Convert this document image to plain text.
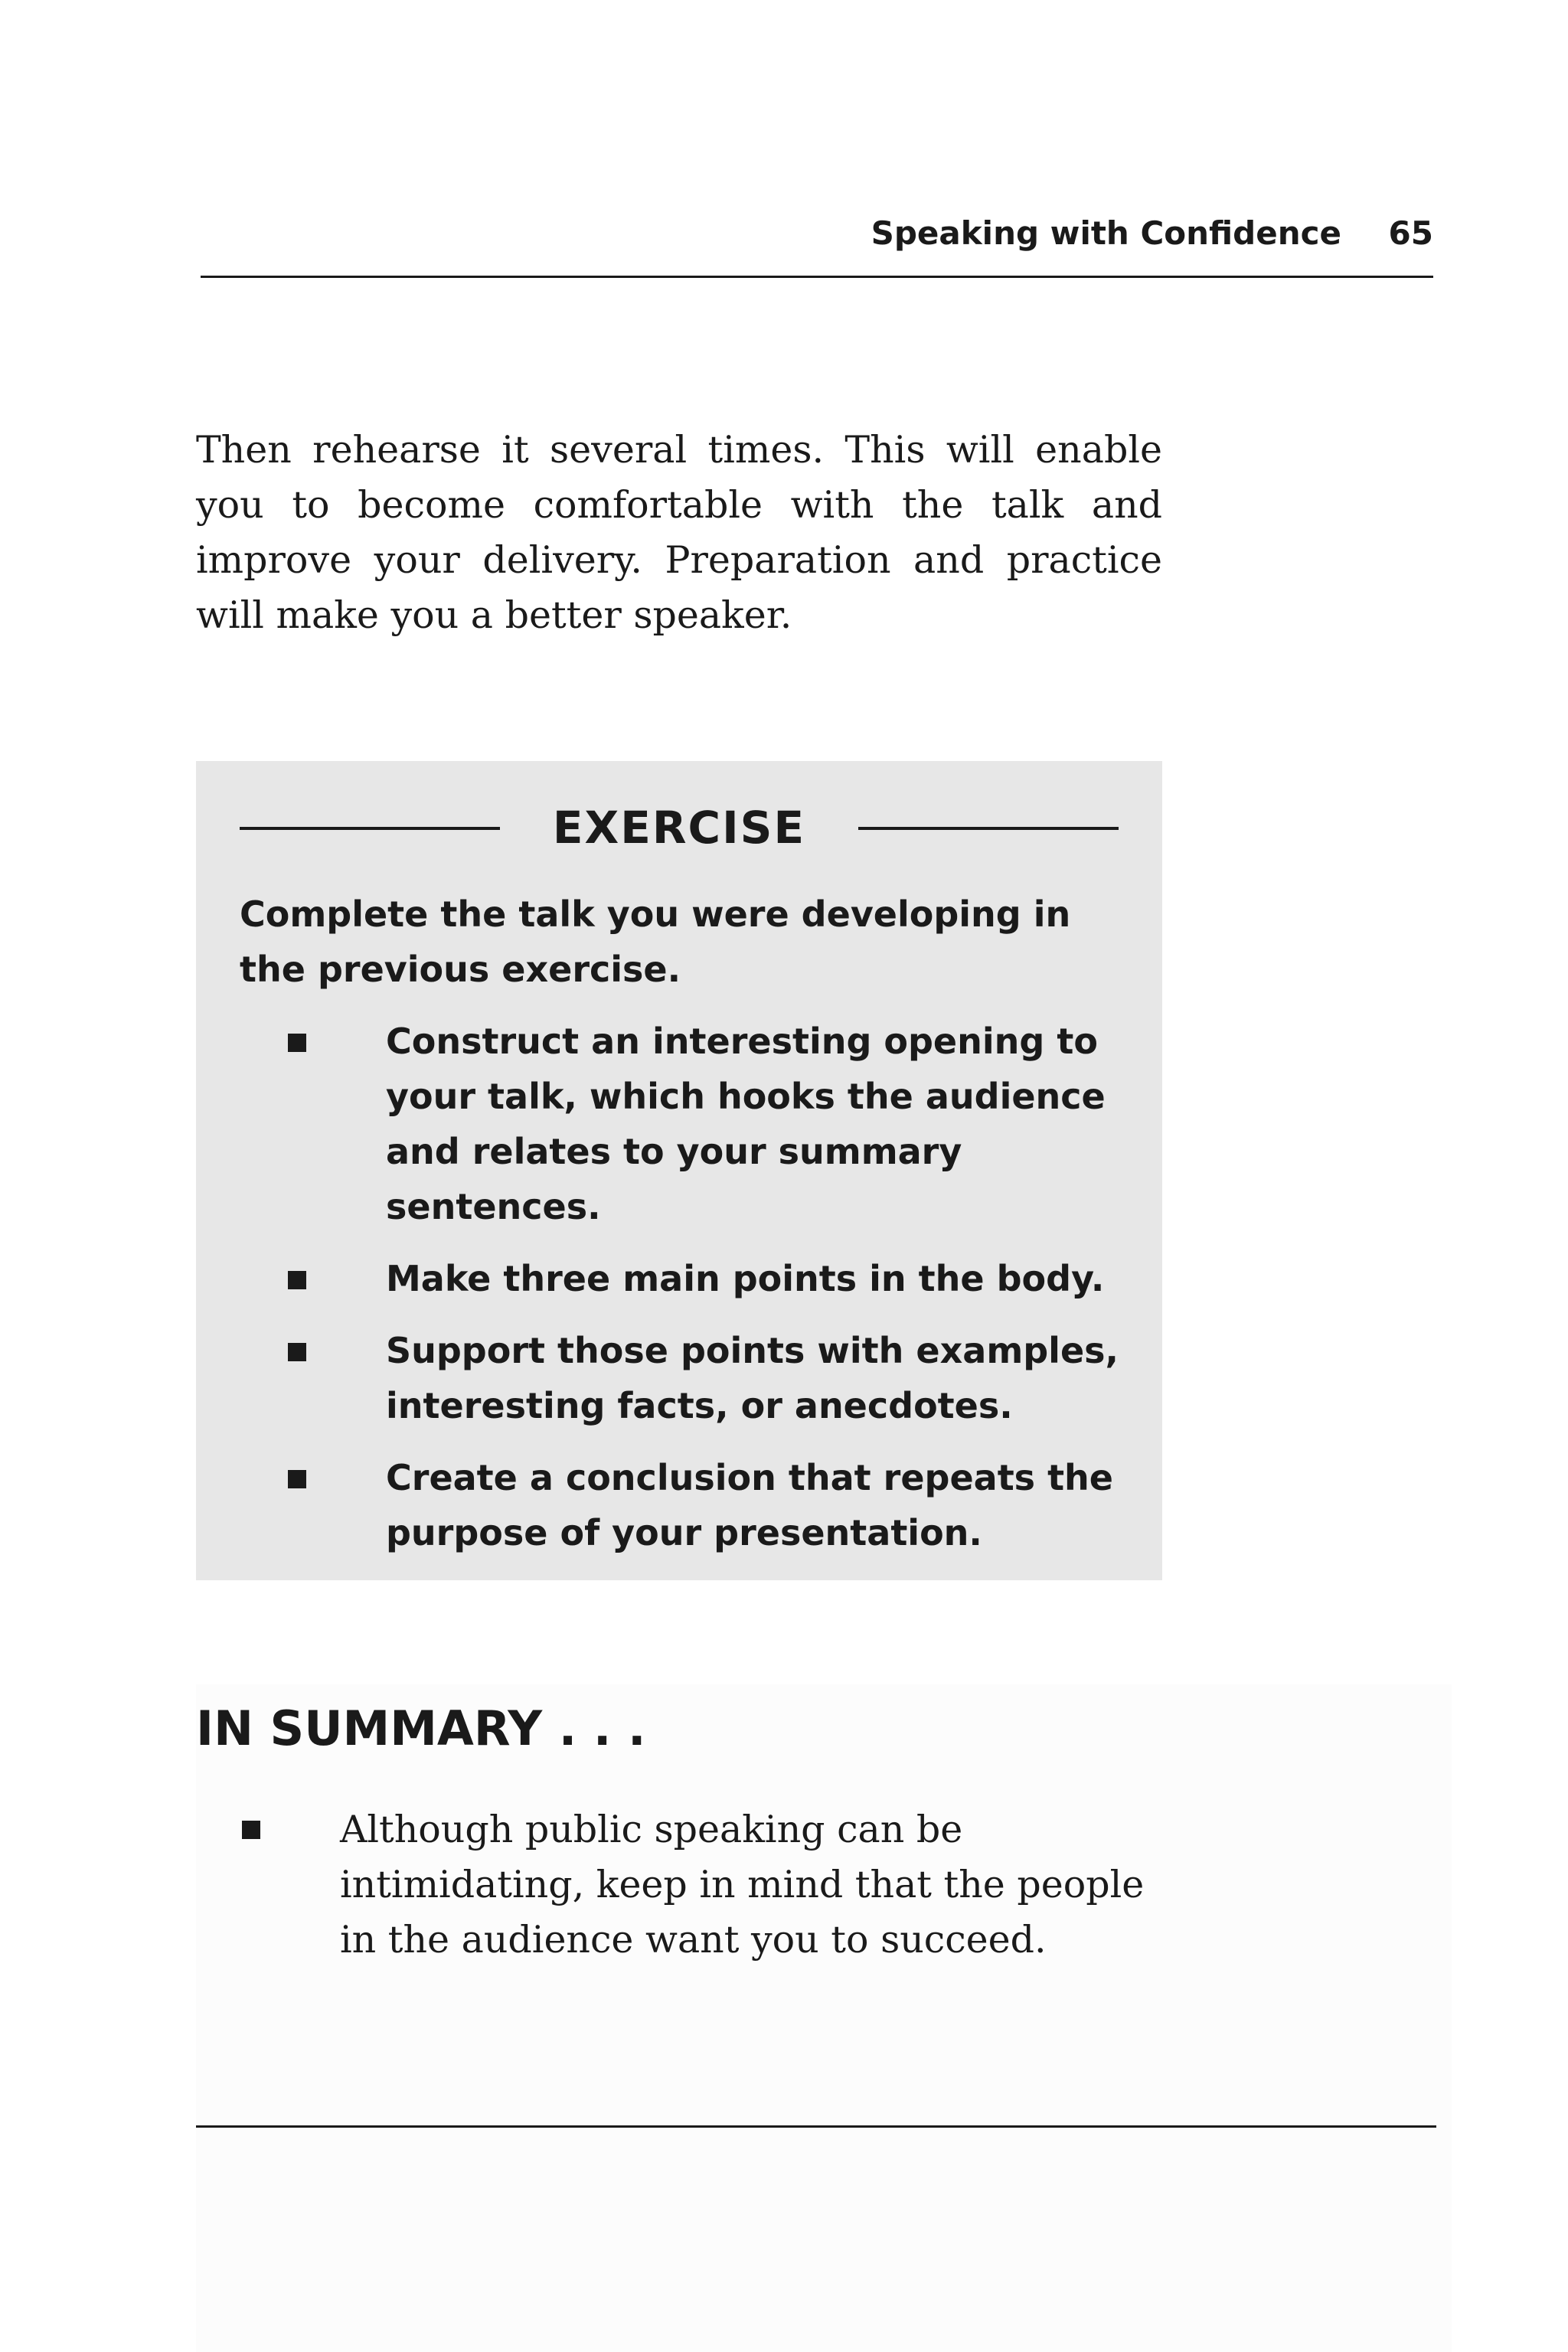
Speaking with Confidence 65

Then rehearse it several times. This will enable you to become comfortable with the talk and improve your delivery. Preparation and practice will make you a better speaker.

EXERCISE

Complete the talk you were developing in the previous exercise.

Construct an interesting opening to your talk, which hooks the audience and relates to your summary sentences.
Make three main points in the body.
Support those points with examples, interesting facts, or anecdotes.
Create a conclusion that repeats the purpose of your presentation.
IN SUMMARY . . .
Although public speaking can be intimidating, keep in mind that the people in the audience want you to succeed.
